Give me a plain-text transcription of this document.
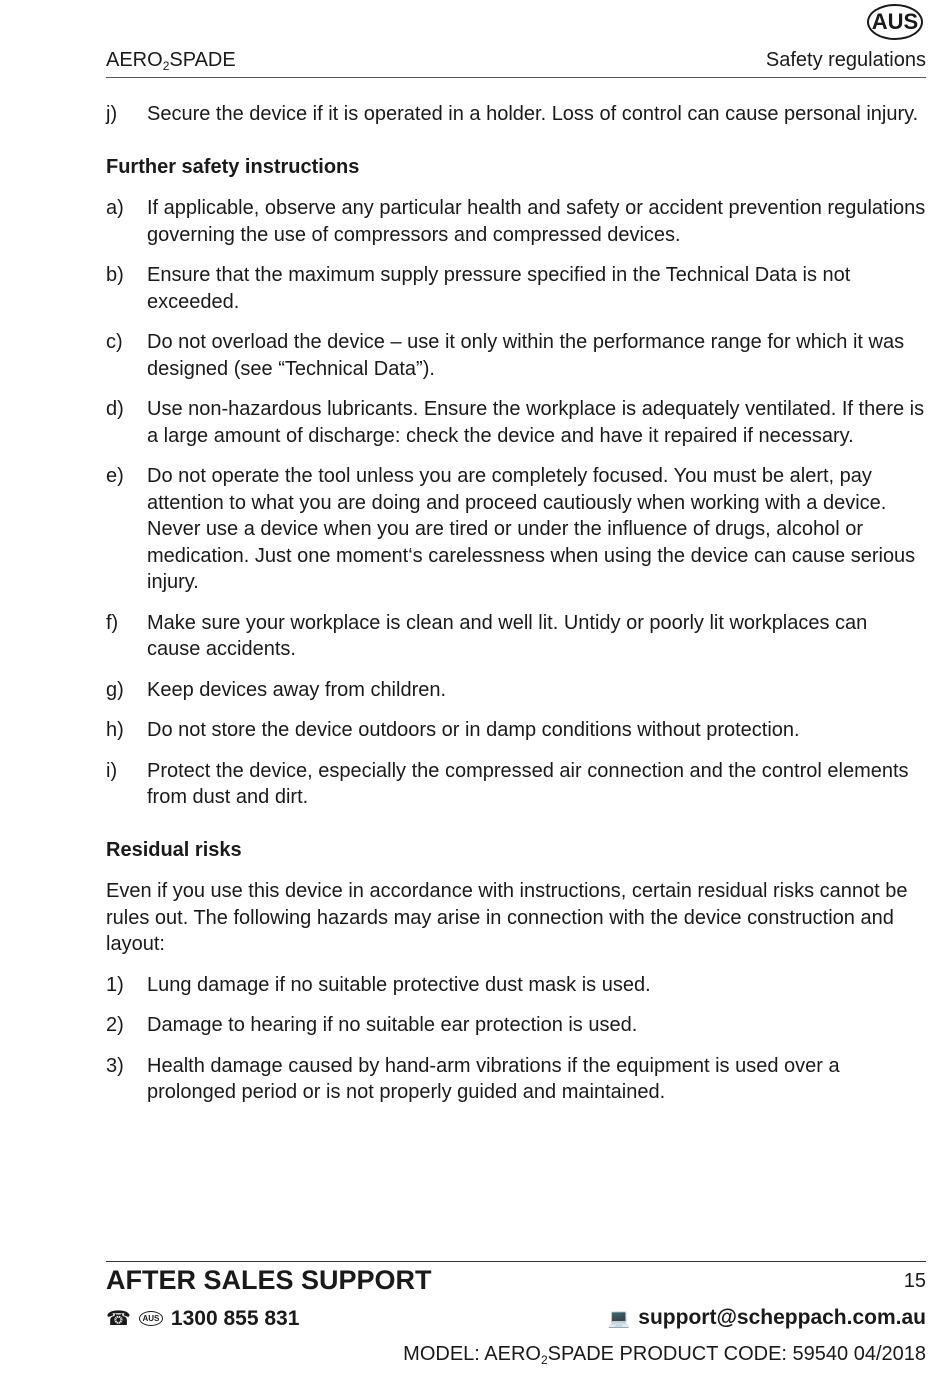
AUS
$AERO_2SPADE$	Safety regulations
j)	Secure the device if it is operated in a holder. Loss of control can cause personal injury.
Further safety instructions
a)	If applicable, observe any particular health and safety or accident prevention regulations governing the use of compressors and compressed devices.
b)	Ensure that the maximum supply pressure specified in the Technical Data is not exceeded.
c)	Do not overload the device – use it only within the performance range for which it was designed (see “Technical Data”).
d)	Use non-hazardous lubricants. Ensure the workplace is adequately ventilated. If there is a large amount of discharge: check the device and have it repaired if necessary.
e)	Do not operate the tool unless you are completely focused. You must be alert, pay attention to what you are doing and proceed cautiously when working with a device. Never use a device when you are tired or under the influence of drugs, alcohol or medication. Just one moment‘s carelessness when using the device can cause serious injury.
f)	Make sure your workplace is clean and well lit. Untidy or poorly lit workplaces can cause accidents.
g)	Keep devices away from children.
h)	Do not store the device outdoors or in damp conditions without protection.
i)	Protect the device, especially the compressed air connection and the control elements from dust and dirt.
Residual risks
Even if you use this device in accordance with instructions, certain residual risks cannot be rules out. The following hazards may arise in connection with the device construction and layout:
1)	Lung damage if no suitable protective dust mask is used.
2)	Damage to hearing if no suitable ear protection is used.
3)	Health damage caused by hand-arm vibrations if the equipment is used over a prolonged period or is not properly guided and maintained.
AFTER SALES SUPPORT	15
☎	AUS 1300 855 831	💻 support@scheppach.com.au
MODEL: $AERO_2SPADE$ PRODUCT CODE: 59540 04/2018
